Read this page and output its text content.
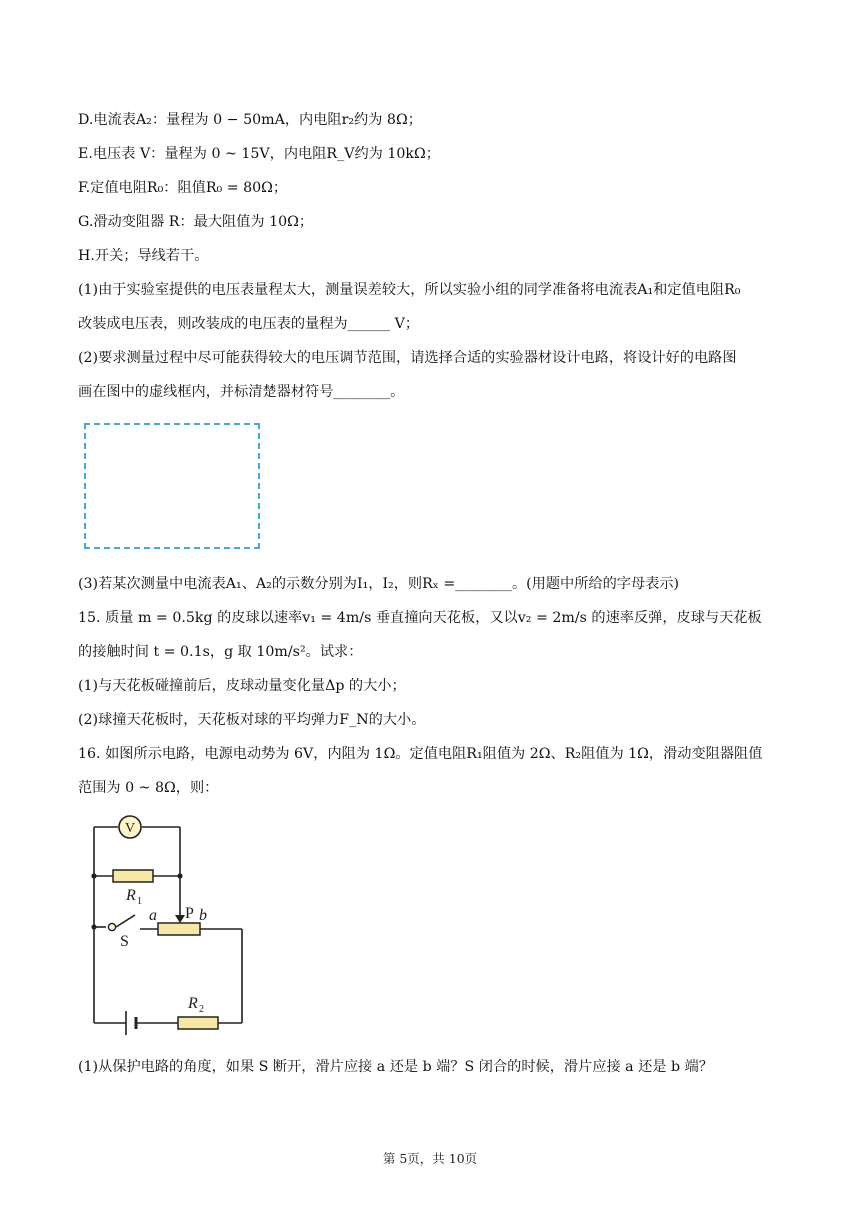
D.电流表A₂：量程为 0 − 50mA，内电阻r₂约为 8Ω；
E.电压表 V：量程为 0 ~ 15V，内电阻R_V约为 10kΩ；
F.定值电阻R₀：阻值R₀ = 80Ω；
G.滑动变阻器 R：最大阻值为 10Ω；
H.开关；导线若干。
(1)由于实验室提供的电压表量程太大，测量误差较大，所以实验小组的同学准备将电流表A₁和定值电阻R₀
改装成电压表，则改装成的电压表的量程为______ V；
(2)要求测量过程中尽可能获得较大的电压调节范围，请选择合适的实验器材设计电路，将设计好的电路图
画在图中的虚线框内，并标清楚器材符号________。
(3)若某次测量中电流表A₁、A₂的示数分别为I₁，I₂，则Rₓ =________。(用题中所给的字母表示)
15. 质量 m = 0.5kg 的皮球以速率v₁ = 4m/s 垂直撞向天花板，又以v₂ = 2m/s 的速率反弹，皮球与天花板
的接触时间 t = 0.1s，g 取 10m/s²。试求：
(1)与天花板碰撞前后，皮球动量变化量Δp 的大小；
(2)球撞天花板时，天花板对球的平均弹力F_N的大小。
16. 如图所示电路，电源电动势为 6V，内阻为 1Ω。定值电阻R₁阻值为 2Ω、R₂阻值为 1Ω，滑动变阻器阻值
范围为 0 ~ 8Ω，则：
V
R 1
P
a	b
S
R 2
(1)从保护电路的角度，如果 S 断开，滑片应接 a 还是 b 端？S 闭合的时候，滑片应接 a 还是 b 端？
第 5页，共 10页
